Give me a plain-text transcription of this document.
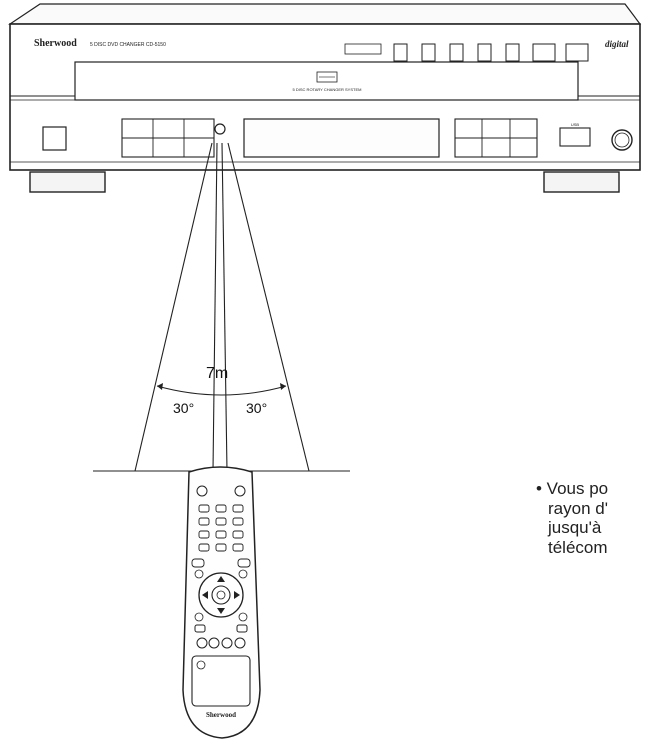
Sherwood	5 DISC DVD CHANGER CD-5150
5 DISC ROTARY CHANGER SYSTEM
digital
USB
7m
30°	30°
Sherwood
• Vous po
rayon d'
jusqu'à
télécom
